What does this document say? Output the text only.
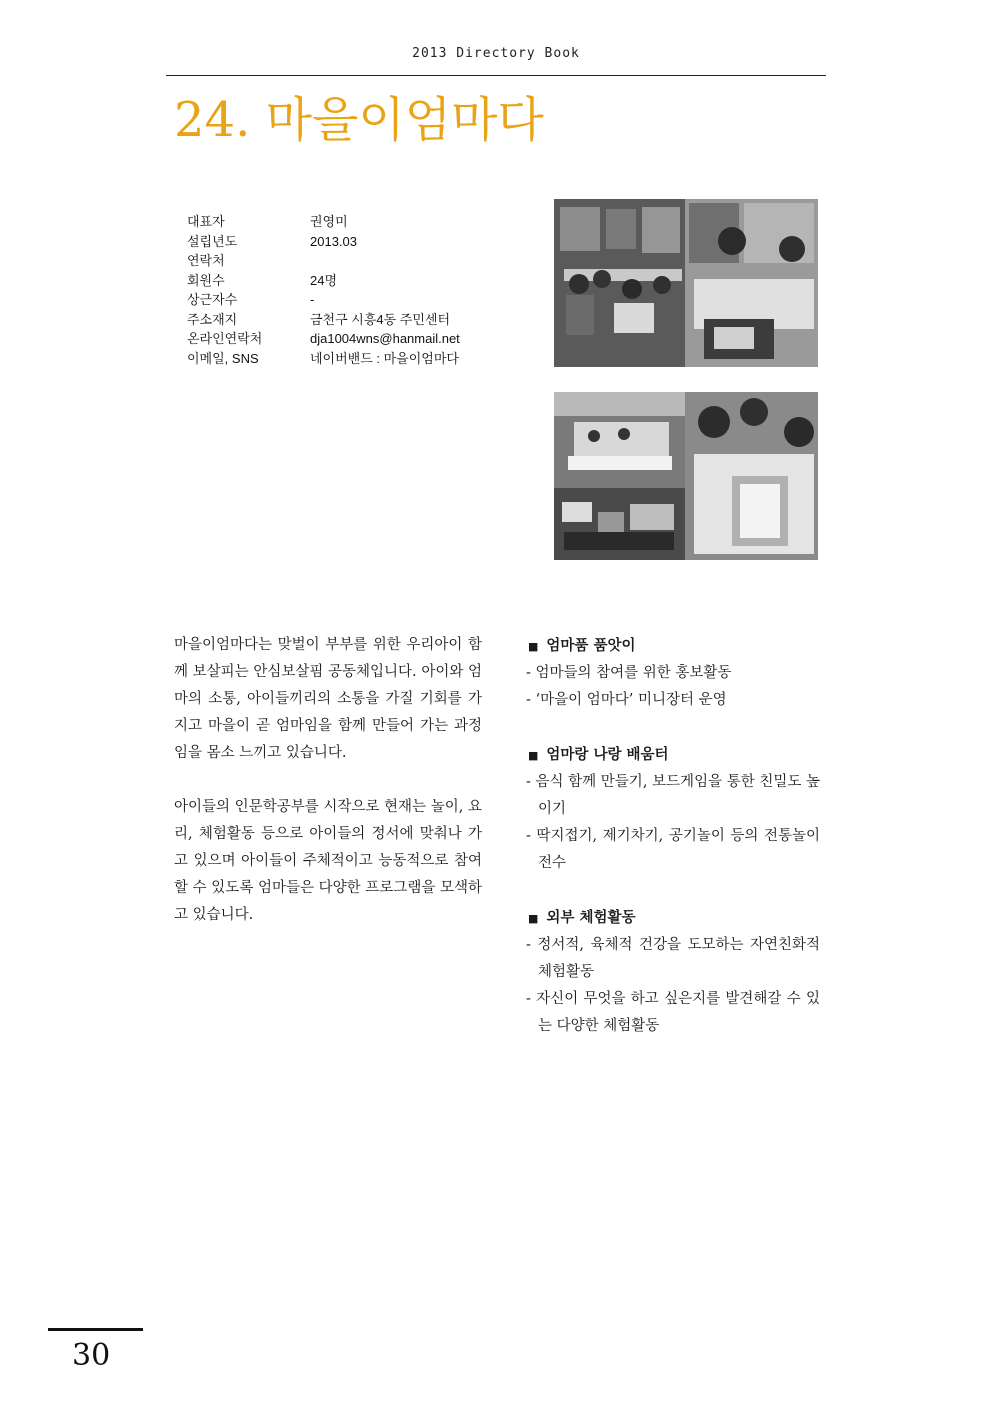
2013 Directory Book
24. 마을이엄마다
대표자	권영미
설립년도	2013.03
연락처
회원수	24명
상근자수	-
주소재지	금천구 시흥4동 주민센터
온라인연락처	dja1004wns@hanmail.net
이메일, SNS	네이버밴드 : 마을이엄마다

마을이엄마다는 맞벌이 부부를 위한 우리아이 함께 보살피는 안심보살핌 공동체입니다. 아이와 엄마의 소통, 아이들끼리의 소통을 가질 기회를 가지고 마을이 곧 엄마임을 함께 만들어 가는 과정임을 몸소 느끼고 있습니다.

아이들의 인문학공부를 시작으로 현재는 놀이, 요리, 체험활동 등으로 아이들의 정서에 맞춰나 가고 있으며 아이들이 주체적이고 능동적으로 참여할 수 있도록 엄마들은 다양한 프로그램을 모색하고 있습니다.

■ 엄마품 품앗이
- 엄마들의 참여를 위한 홍보활동
- ‘마을이 엄마다’ 미니장터 운영
■ 엄마랑 나랑 배움터
- 음식 함께 만들기, 보드게임을 통한 친밀도 높이기
- 딱지접기, 제기차기, 공기놀이 등의 전통놀이 전수
■ 외부 체험활동
- 정서적, 육체적 건강을 도모하는 자연친화적 체험활동
- 자신이 무엇을 하고 싶은지를 발견해갈 수 있는 다양한 체험활동
30
